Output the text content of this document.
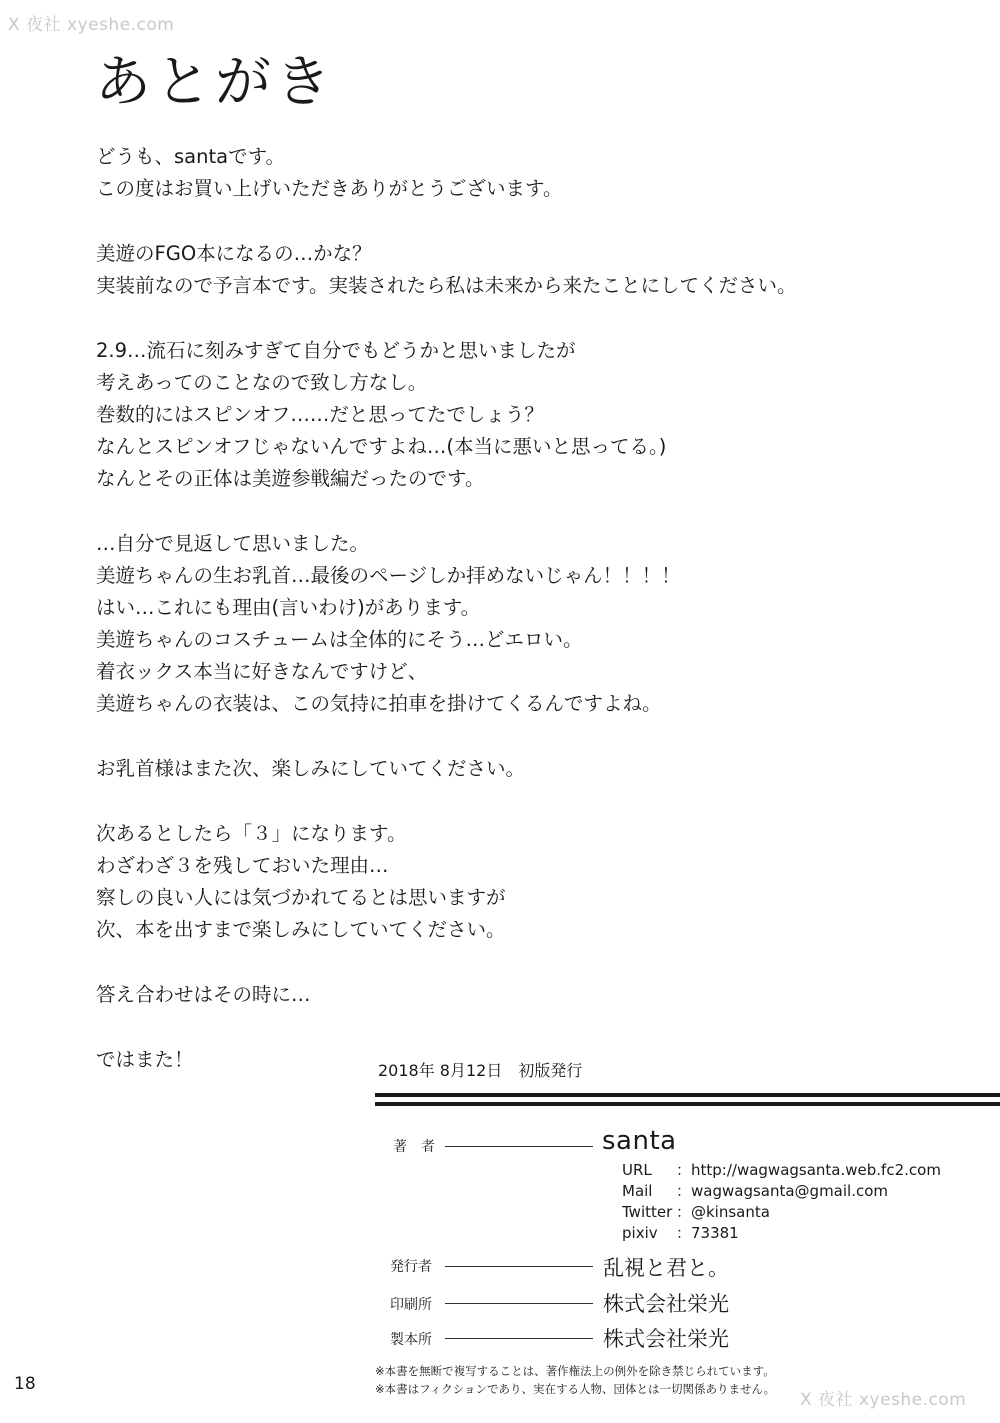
X 夜社 xyeshe.com
あとがき
どうも、santaです。
この度はお買い上げいただきありがとうございます。
美遊のFGO本になるの…かな？
実装前なので予言本です。実装されたら私は未来から来たことにしてください。
2.9…流石に刻みすぎて自分でもどうかと思いましたが
考えあってのことなので致し方なし。
巻数的にはスピンオフ……だと思ってたでしょう？
なんとスピンオフじゃないんですよね…(本当に悪いと思ってる。)
なんとその正体は美遊参戦編だったのです。
…自分で見返して思いました。
美遊ちゃんの生お乳首…最後のページしか拝めないじゃん！！！！
はい…これにも理由(言いわけ)があります。
美遊ちゃんのコスチュームは全体的にそう…どエロい。
着衣ックス本当に好きなんですけど、
美遊ちゃんの衣装は、この気持に拍車を掛けてくるんですよね。
お乳首様はまた次、楽しみにしていてください。
次あるとしたら「３」になります。
わざわざ３を残しておいた理由…
察しの良い人には気づかれてるとは思いますが
次、本を出すまで楽しみにしていてください。
答え合わせはその時に…
ではまた！	2018年 8月12日　初版発行
著　者	santa
URL	：http://wagwagsanta.web.fc2.com
Mail	：wagwagsanta@gmail.com
Twitter ：@kinsanta
pixiv	：73381
発行者	乱視と君と。
印刷所	株式会社栄光
製本所	株式会社栄光
※本書を無断で複写することは、著作権法上の例外を除き禁じられています。
※本書はフィクションであり、実在する人物、団体とは一切関係ありません。
18
X 夜社 xyeshe.com
